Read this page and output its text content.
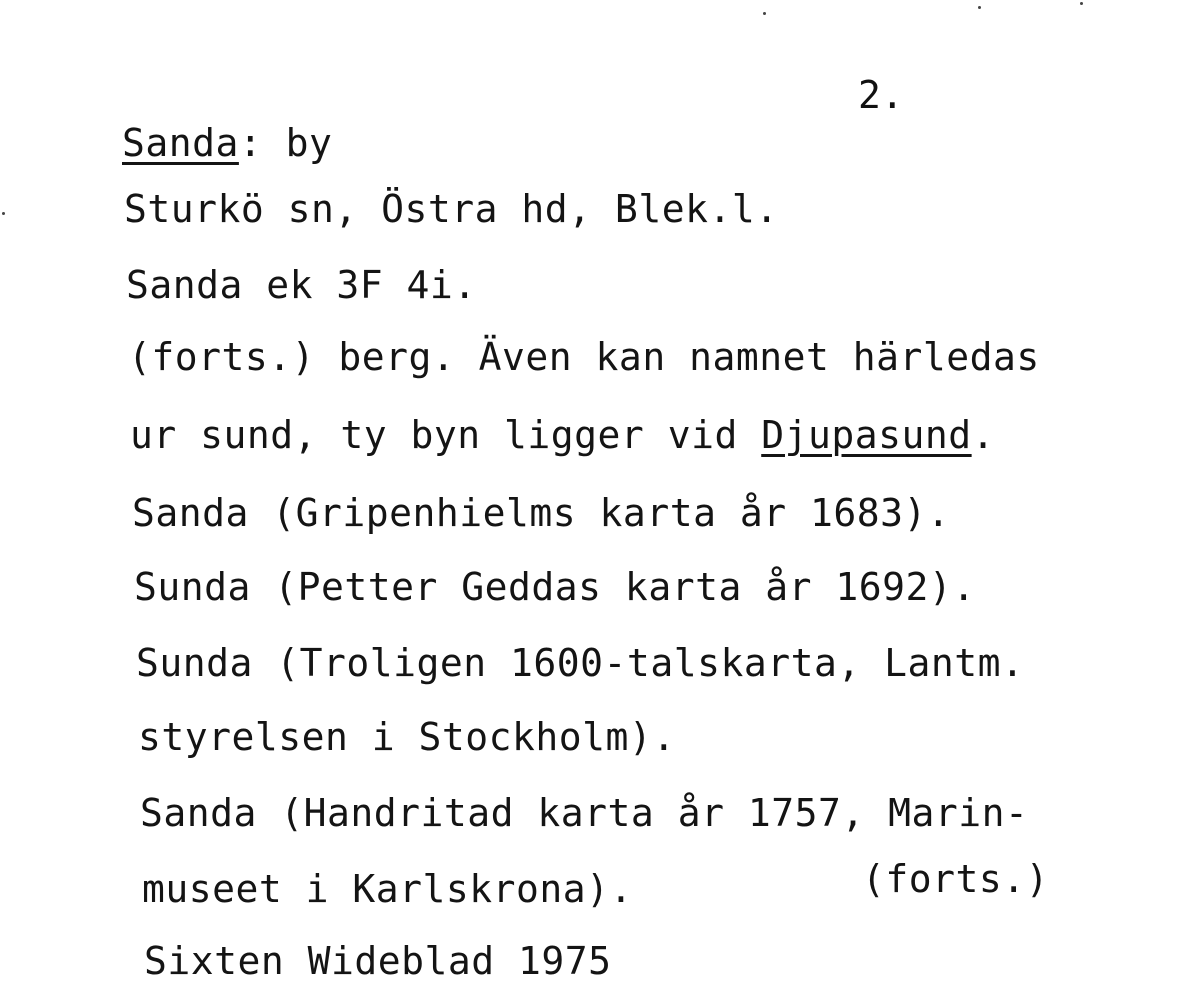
2.
Sanda: by
Sturkö sn, Östra hd, Blek.l.
Sanda ek 3F 4i.
(forts.) berg. Även kan namnet härledas
ur sund, ty byn ligger vid Djupasund.
Sanda (Gripenhielms karta år 1683).
Sunda (Petter Geddas karta år 1692).
Sunda (Troligen 1600-talskarta, Lantm.
styrelsen i Stockholm).
Sanda (Handritad karta år 1757, Marin-
museet i Karlskrona).	(forts.)
Sixten Wideblad 1975
